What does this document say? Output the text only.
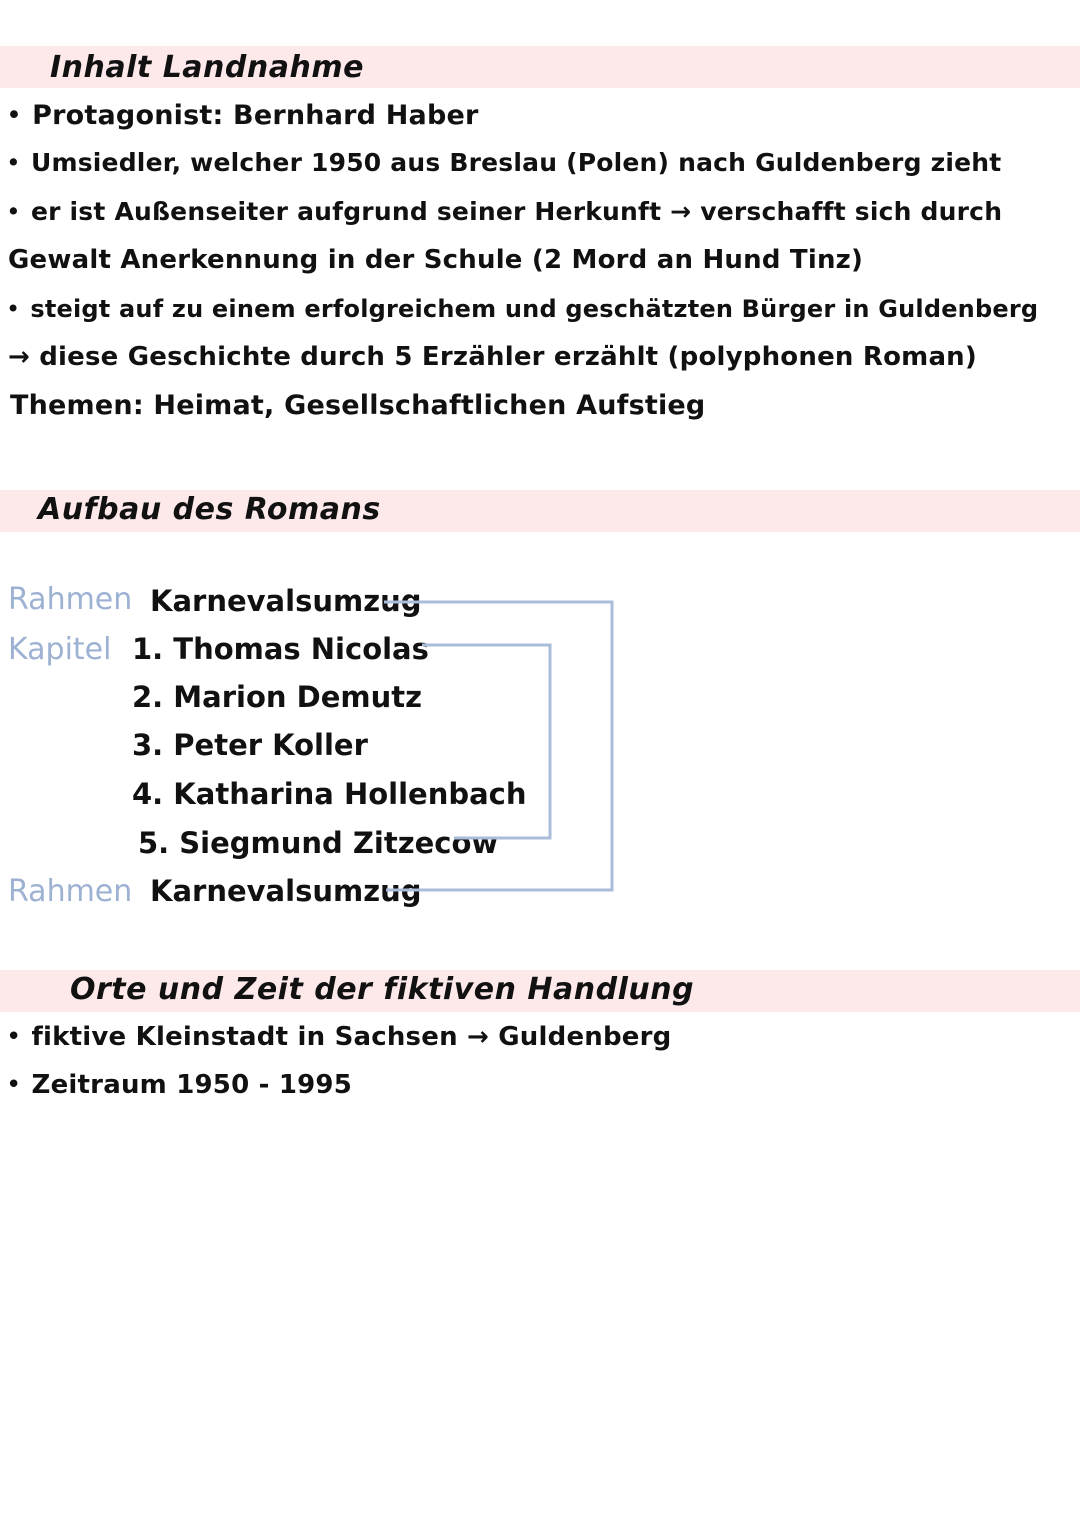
Inhalt Landnahme
• Protagonist: Bernhard Haber
• Umsiedler, welcher 1950 aus Breslau (Polen) nach Guldenberg zieht
• er ist Außenseiter aufgrund seiner Herkunft → verschafft sich durch
Gewalt Anerkennung in der Schule (2 Mord an Hund Tinz)
• steigt auf zu einem erfolgreichem und geschätzten Bürger in Guldenberg
→ diese Geschichte durch 5 Erzähler erzählt (polyphonen Roman)
Themen: Heimat, Gesellschaftlichen Aufstieg
Aufbau des Romans
Rahmen Karnevalsumzug
Kapitel 1. Thomas Nicolas
2. Marion Demutz
3. Peter Koller
4. Katharina Hollenbach
5. Siegmund Zitzecow
Rahmen Karnevalsumzug
Orte und Zeit der fiktiven Handlung
• fiktive Kleinstadt in Sachsen → Guldenberg
• Zeitraum 1950 - 1995
